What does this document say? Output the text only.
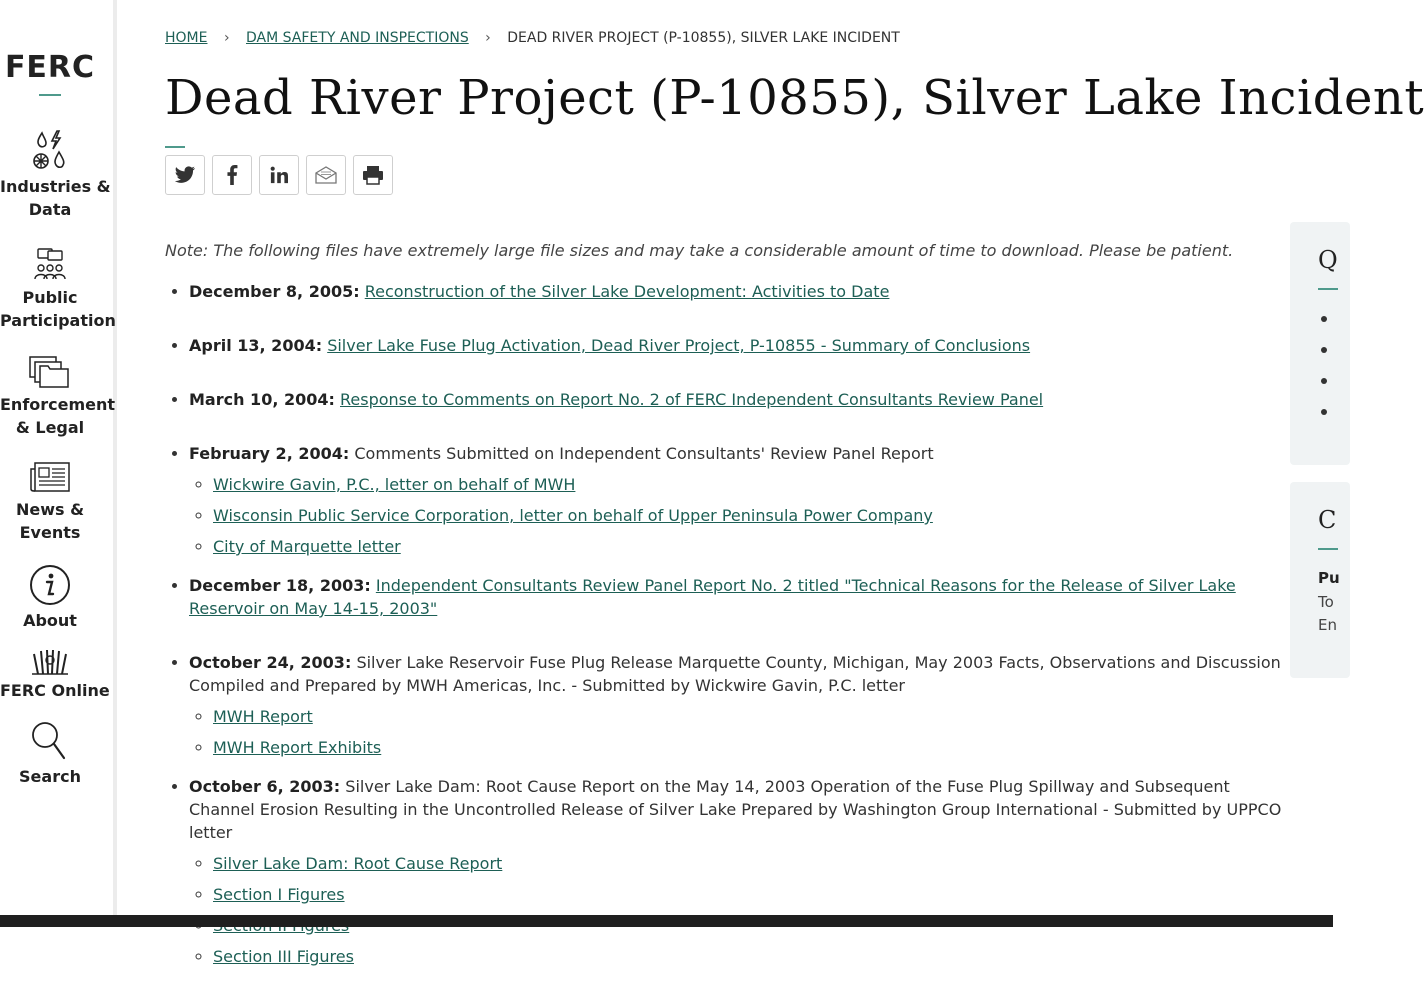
FERC
Industries &
Data
Public
Participation
Enforcement
& Legal
News &
Events
About
FERC Online
Search
HOME › DAM SAFETY AND INSPECTIONS › DEAD RIVER PROJECT (P-10855), SILVER LAKE INCIDENT
Dead River Project (P-10855), Silver Lake Incident
Note: The following files have extremely large file sizes and may take a considerable amount of time to download. Please be patient.
• December 8, 2005: Reconstruction of the Silver Lake Development: Activities to Date
• April 13, 2004: Silver Lake Fuse Plug Activation, Dead River Project, P-10855 - Summary of Conclusions
• March 10, 2004: Response to Comments on Report No. 2 of FERC Independent Consultants Review Panel
• February 2, 2004: Comments Submitted on Independent Consultants' Review Panel Report
◦ Wickwire Gavin, P.C., letter on behalf of MWH
◦ Wisconsin Public Service Corporation, letter on behalf of Upper Peninsula Power Company
◦ City of Marquette letter
• December 18, 2003: Independent Consultants Review Panel Report No. 2 titled "Technical Reasons for the Release of Silver Lake Reservoir on May 14-15, 2003"
• October 24, 2003: Silver Lake Reservoir Fuse Plug Release Marquette County, Michigan, May 2003 Facts, Observations and Discussion Compiled and Prepared by MWH Americas, Inc. - Submitted by Wickwire Gavin, P.C. letter
◦ MWH Report
◦ MWH Report Exhibits
• October 6, 2003: Silver Lake Dam: Root Cause Report on the May 14, 2003 Operation of the Fuse Plug Spillway and Subsequent Channel Erosion Resulting in the Uncontrolled Release of Silver Lake Prepared by Washington Group International - Submitted by UPPCO letter
◦ Silver Lake Dam: Root Cause Report
◦ Section I Figures
◦
◦ Section III Figures
Q
C
Pu
To
En
